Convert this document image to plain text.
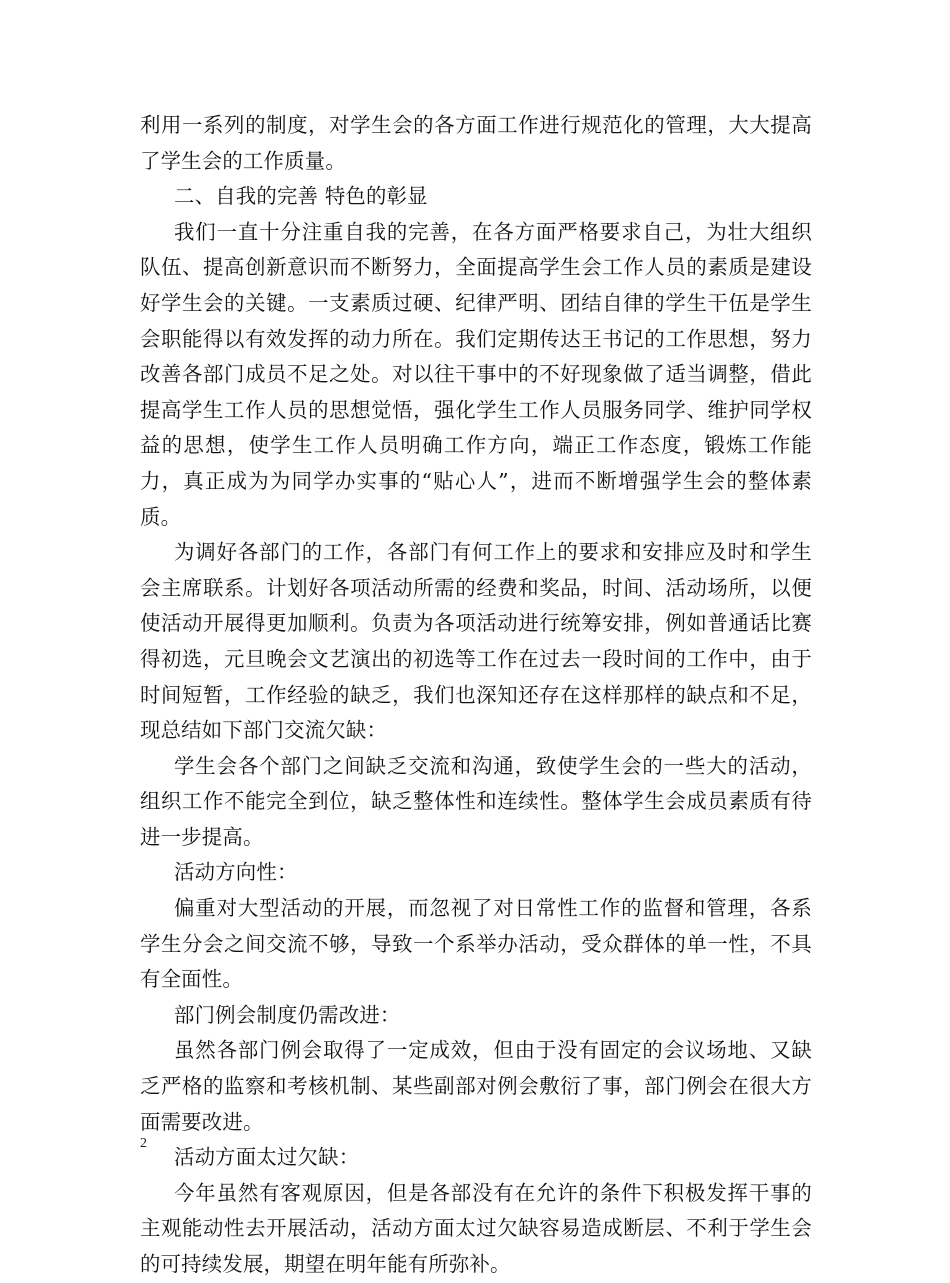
利用一系列的制度，对学生会的各方面工作进行规范化的管理，大大提高了学生会的工作质量。

二、自我的完善 特色的彰显

我们一直十分注重自我的完善，在各方面严格要求自己，为壮大组织队伍、提高创新意识而不断努力，全面提高学生会工作人员的素质是建设好学生会的关键。一支素质过硬、纪律严明、团结自律的学生干伍是学生会职能得以有效发挥的动力所在。我们定期传达王书记的工作思想，努力改善各部门成员不足之处。对以往干事中的不好现象做了适当调整，借此提高学生工作人员的思想觉悟，强化学生工作人员服务同学、维护同学权益的思想，使学生工作人员明确工作方向，端正工作态度，锻炼工作能力，真正成为为同学办实事的“贴心人”，进而不断增强学生会的整体素质。

为调好各部门的工作，各部门有何工作上的要求和安排应及时和学生会主席联系。计划好各项活动所需的经费和奖品，时间、活动场所，以便使活动开展得更加顺利。负责为各项活动进行统筹安排，例如普通话比赛得初选，元旦晚会文艺演出的初选等工作在过去一段时间的工作中，由于时间短暂，工作经验的缺乏，我们也深知还存在这样那样的缺点和不足，现总结如下部门交流欠缺：

学生会各个部门之间缺乏交流和沟通，致使学生会的一些大的活动，组织工作不能完全到位，缺乏整体性和连续性。整体学生会成员素质有待进一步提高。

活动方向性：

偏重对大型活动的开展，而忽视了对日常性工作的监督和管理，各系学生分会之间交流不够，导致一个系举办活动，受众群体的单一性，不具有全面性。

部门例会制度仍需改进：

虽然各部门例会取得了一定成效，但由于没有固定的会议场地、又缺乏严格的监察和考核机制、某些副部对例会敷衍了事，部门例会在很大方面需要改进。

活动方面太过欠缺：

今年虽然有客观原因，但是各部没有在允许的条件下积极发挥干事的主观能动性去开展活动，活动方面太过欠缺容易造成断层、不利于学生会的可持续发展，期望在明年能有所弥补。

2
